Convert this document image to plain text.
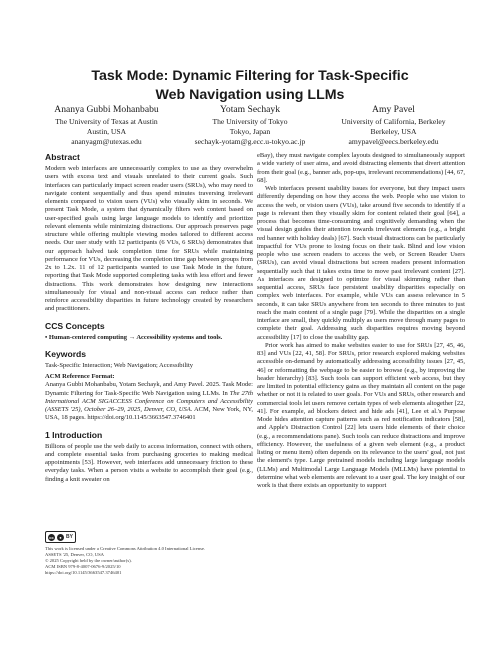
Task Mode: Dynamic Filtering for Task-Specific
Web Navigation using LLMs
Ananya Gubbi Mohanbabu
The University of Texas at Austin
Austin, USA
ananyagm@utexas.edu
Yotam Sechayk
The University of Tokyo
Tokyo, Japan
sechayk-yotam@g.ecc.u-tokyo.ac.jp
Amy Pavel
University of California, Berkeley
Berkeley, USA
amypavel@eecs.berkeley.edu
Abstract

Modern web interfaces are unnecessarily complex to use as they overwhelm users with excess text and visuals unrelated to their current goals. Such interfaces can particularly impact screen reader users (SRUs), who may need to navigate content sequentially and thus spend minutes traversing irrelevant elements compared to vision users (VUs) who visually skim in seconds. We present Task Mode, a system that dynamically filters web content based on user-specified goals using large language models to identify and prioritize relevant elements while minimizing distractions. Our approach preserves page structure while offering multiple viewing modes tailored to different access needs. Our user study with 12 participants (6 VUs, 6 SRUs) demonstrates that our approach halved task completion time for SRUs while maintaining performance for VUs, decreasing the completion time gap between groups from 2x to 1.2x. 11 of 12 participants wanted to use Task Mode in the future, reporting that Task Mode supported completing tasks with less effort and fewer distractions. This work demonstrates how designing new interactions simultaneously for visual and non-visual access can reduce rather than reinforce accessibility disparities in future technology created by researchers and practitioners.

CCS Concepts

• Human-centered computing → Accessibility systems and tools.

Keywords

Task-Specific Interaction; Web Navigation; Accessibility

ACM Reference Format:
Ananya Gubbi Mohanbabu, Yotam Sechayk, and Amy Pavel. 2025. Task Mode: Dynamic Filtering for Task-Specific Web Navigation using LLMs. In The 27th International ACM SIGACCESS Conference on Computers and Accessibility (ASSETS '25), October 26–29, 2025, Denver, CO, USA. ACM, New York, NY, USA, 18 pages. https://doi.org/10.1145/3663547.3746401

1 Introduction

Billions of people use the web daily to access information, connect with others, and complete essential tasks from purchasing groceries to making medical appointments [53]. However, web interfaces add unnecessary friction to these everyday tasks. When a person visits a website to accomplish their goal (e.g., finding a knit sweater on

cc	● BY
This work is licensed under a Creative Commons Attribution 4.0 International License.
ASSETS '25, Denver, CO, USA
© 2025 Copyright held by the owner/author(s).
ACM ISBN 979-8-4007-0676-9/2025/10
https://doi.org/10.1145/3663547.3746401

eBay), they must navigate complex layouts designed to simultaneously support a wide variety of user aims, and avoid distracting elements that divert attention from their goal (e.g., banner ads, pop-ups, irrelevant recommendations) [44, 67, 68].

Web interfaces present usability issues for everyone, but they impact users differently depending on how they access the web. People who use vision to access the web, or vision users (VUs), take around five seconds to identify if a page is relevant then they visually skim for content related their goal [64], a process that becomes time-consuming and cognitively demanding when the visual design guides their attention towards irrelevant elements (e.g., a bright red banner with holiday deals) [67]. Such visual distractions can be particularly impactful for VUs prone to losing focus on their task. Blind and low vision people who use screen readers to access the web, or Screen Reader Users (SRUs), can avoid visual distractions but screen readers present information sequentially such that it takes extra time to move past irrelevant content [27]. As interfaces are designed to optimize for visual skimming rather than sequential access, SRUs face persistent usability disparities especially on complex web interfaces. For example, while VUs can assess relevance in 5 seconds, it can take SRUs anywhere from ten seconds to three minutes to just reach the main content of a single page [79]. While the disparities on a single interface are small, they quickly multiply as users move through many pages to complete their goal. Addressing such disparities requires moving beyond accessibility [17] to close the usability gap.

Prior work has aimed to make websites easier to use for SRUs [27, 45, 46, 83] and VUs [22, 41, 58]. For SRUs, prior research explored making websites accessible on-demand by automatically addressing accessibility issues [27, 45, 46] or reformatting the webpage to be easier to browse (e.g., by improving the header hierarchy) [83]. Such tools can support efficient web access, but they are limited in potential efficiency gains as they maintain all content on the page whether or not it is related to user goals. For VUs and SRUs, other research and commercial tools let users remove certain types of web elements altogether [22, 41]. For example, ad blockers detect and hide ads [41], Lee et al.'s Purpose Mode hides attention capture patterns such as red notification indicators [58], and Apple's Distraction Control [22] lets users hide elements of their choice (e.g., a recommendations pane). Such tools can reduce distractions and improve efficiency. However, the usefulness of a given web element (e.g., a product listing or menu item) often depends on its relevance to the users' goal, not just the element's type. Large pretrained models including large language models (LLMs) and Multimodal Large Language Models (MLLMs) have potential to determine what web elements are relevant to a user goal. The key insight of our work is that there exists an opportunity to support
